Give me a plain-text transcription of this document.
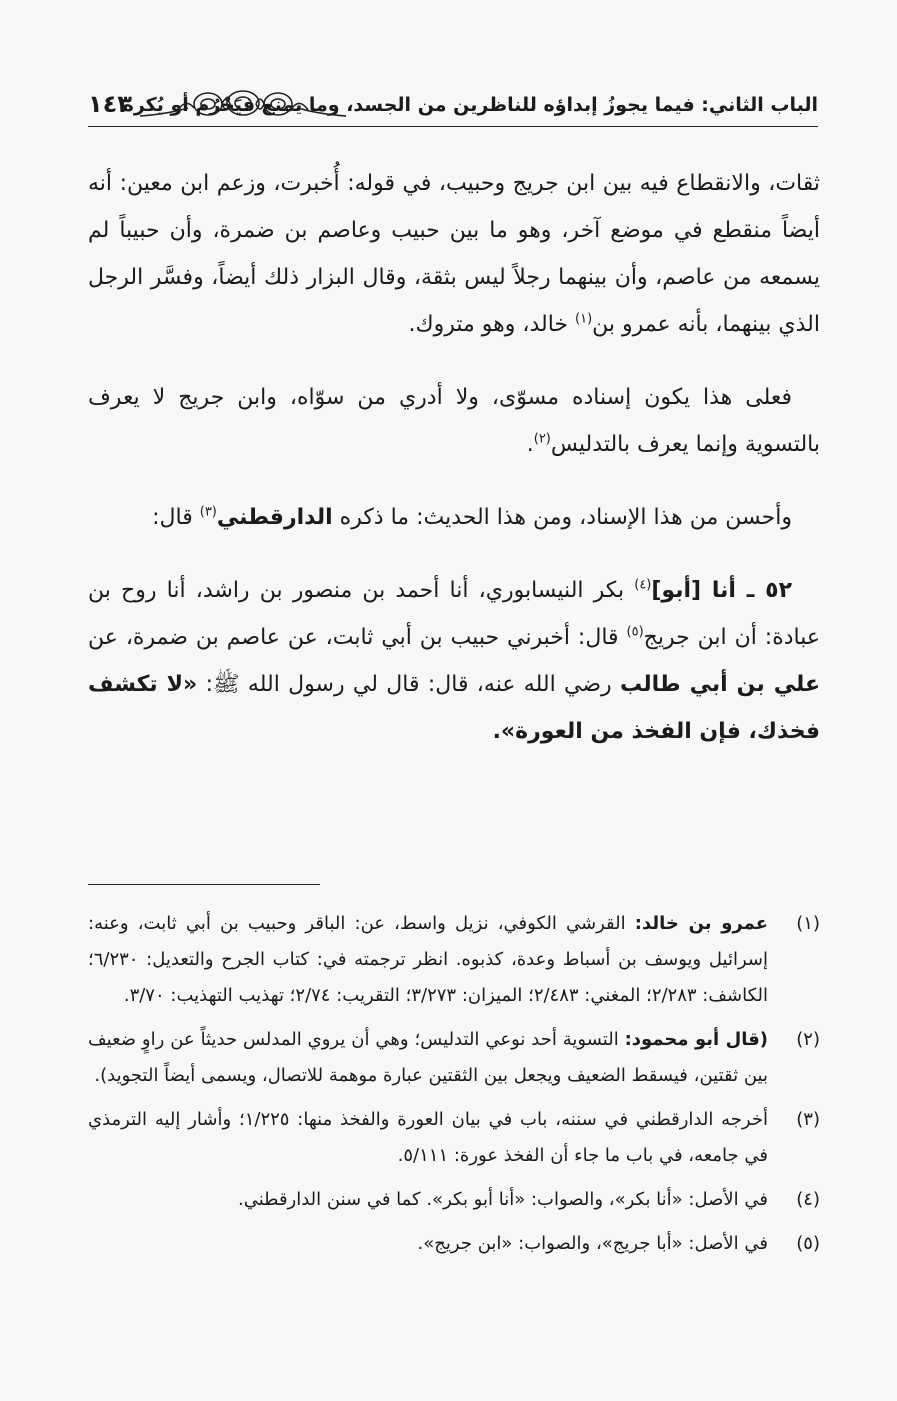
الباب الثاني: فيما يجوزُ إبداؤه للناظرين من الجسد، وما يمنع فيَحْرُم أو يُكره
١٤٣

ثقات، والانقطاع فيه بين ابن جريج وحبيب، في قوله: أُخبرت، وزعم ابن معين: أنه أيضاً منقطع في موضع آخر، وهو ما بين حبيب وعاصم بن ضمرة، وأن حبيباً لم يسمعه من عاصم، وأن بينهما رجلاً ليس بثقة، وقال البزار ذلك أيضاً، وفسَّر الرجل الذي بينهما، بأنه عمرو بن$^{(١)}$ خالد، وهو متروك.

فعلى هذا يكون إسناده مسوّى، ولا أدري من سوّاه، وابن جريج لا يعرف بالتسوية وإنما يعرف بالتدليس$^{(٢)}$.

وأحسن من هذا الإسناد، ومن هذا الحديث: ما ذكره الدارقطني$^{(٣)}$ قال:

٥٢ ـ أنا [أبو]$^{(٤)}$ بكر النيسابوري، أنا أحمد بن منصور بن راشد، أنا روح بن عبادة: أن ابن جريج$^{(٥)}$ قال: أخبرني حبيب بن أبي ثابت، عن عاصم بن ضمرة، عن علي بن أبي طالب رضي الله عنه، قال: قال لي رسول الله ﷺ: «لا تكشف فخذك، فإن الفخذ من العورة».

(١)
عمرو بن خالد: القرشي الكوفي، نزيل واسط، عن: الباقر وحبيب بن أبي ثابت، وعنه: إسرائيل ويوسف بن أسباط وعدة، كذبوه. انظر ترجمته في: كتاب الجرح والتعديل: ٦/٢٣٠؛ الكاشف: ٢/٢٨٣؛ المغني: ٢/٤٨٣؛ الميزان: ٣/٢٧٣؛ التقريب: ٢/٧٤؛ تهذيب التهذيب: ٣/٧٠.
(٢)
(قال أبو محمود: التسوية أحد نوعي التدليس؛ وهي أن يروي المدلس حديثاً عن راوٍ ضعيف بين ثقتين، فيسقط الضعيف ويجعل بين الثقتين عبارة موهمة للاتصال، ويسمى أيضاً التجويد).
(٣)
أخرجه الدارقطني في سننه، باب في بيان العورة والفخذ منها: ١/٢٢٥؛ وأشار إليه الترمذي في جامعه، في باب ما جاء أن الفخذ عورة: ٥/١١١.
(٤)
في الأصل: «أنا بكر»، والصواب: «أنا أبو بكر». كما في سنن الدارقطني.
(٥)
في الأصل: «أبا جريج»، والصواب: «ابن جريج».
